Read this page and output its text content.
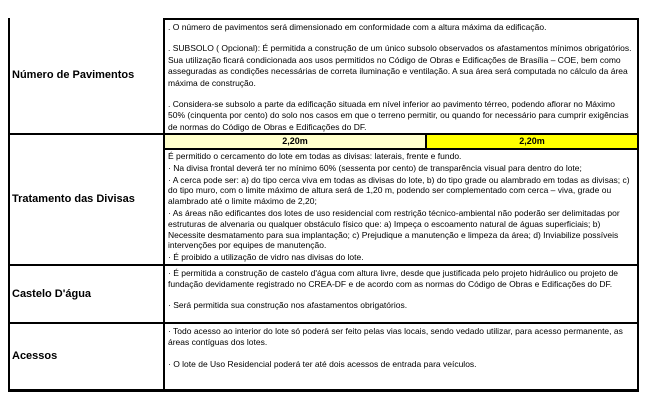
Número de Pavimentos

. O número de pavimentos será dimensionado em conformidade com a altura máxima da edificação.

. SUBSOLO ( Opcional): É permitida a construção de um único subsolo observados os afastamentos mínimos obrigatórios. Sua utilização ficará condicionada aos usos permitidos no Código de Obras e Edificações de Brasília – COE, bem como asseguradas as condições necessárias de correta iluminação e ventilação. A sua área será computada no cálculo da área máxima de construção.

. Considera-se subsolo a parte da edificação situada em nível inferior ao pavimento térreo, podendo aflorar no Máximo 50% (cinquenta por cento) do solo nos casos em que o terreno permitir, ou quando for necessário para cumprir exigências de normas do Código de Obras e Edificações do DF.

Tratamento das Divisas
2,20m	2,20m

É permitido o cercamento do lote em todas as divisas: laterais, frente e fundo.

· Na divisa frontal deverá ter no mínimo 60% (sessenta por cento) de transparência visual para dentro do lote;

· A cerca pode ser: a) do tipo cerca viva em todas as divisas do lote, b) do tipo grade ou alambrado em todas as divisas; c) do tipo muro, com o limite máximo de altura será de 1,20 m, podendo ser complementado com cerca – viva, grade ou alambrado até o limite máximo de 2,20;

· As áreas não edificantes dos lotes de uso residencial com restrição técnico-ambiental não poderão ser delimitadas por estruturas de alvenaria ou qualquer obstáculo físico que: a) Impeça o escoamento natural de águas superficiais; b) Necessite desmatamento para sua implantação; c) Prejudique a manutenção e limpeza da área; d) Inviabilize possíveis intervenções por equipes de manutenção.

· É proibido a utilização de vidro nas divisas do lote.

Castelo D'água

· É permitida a construção de castelo d'água com altura livre, desde que justificada pelo projeto hidráulico ou projeto de fundação devidamente registrado no CREA-DF e de acordo com as normas do Código de Obras e Edificações do DF.

· Será permitida sua construção nos afastamentos obrigatórios.

Acessos

· Todo acesso ao interior do lote só poderá ser feito pelas vias locais, sendo vedado utilizar, para acesso permanente, as áreas contíguas dos lotes.

· O lote de Uso Residencial poderá ter até dois acessos de entrada para veículos.
